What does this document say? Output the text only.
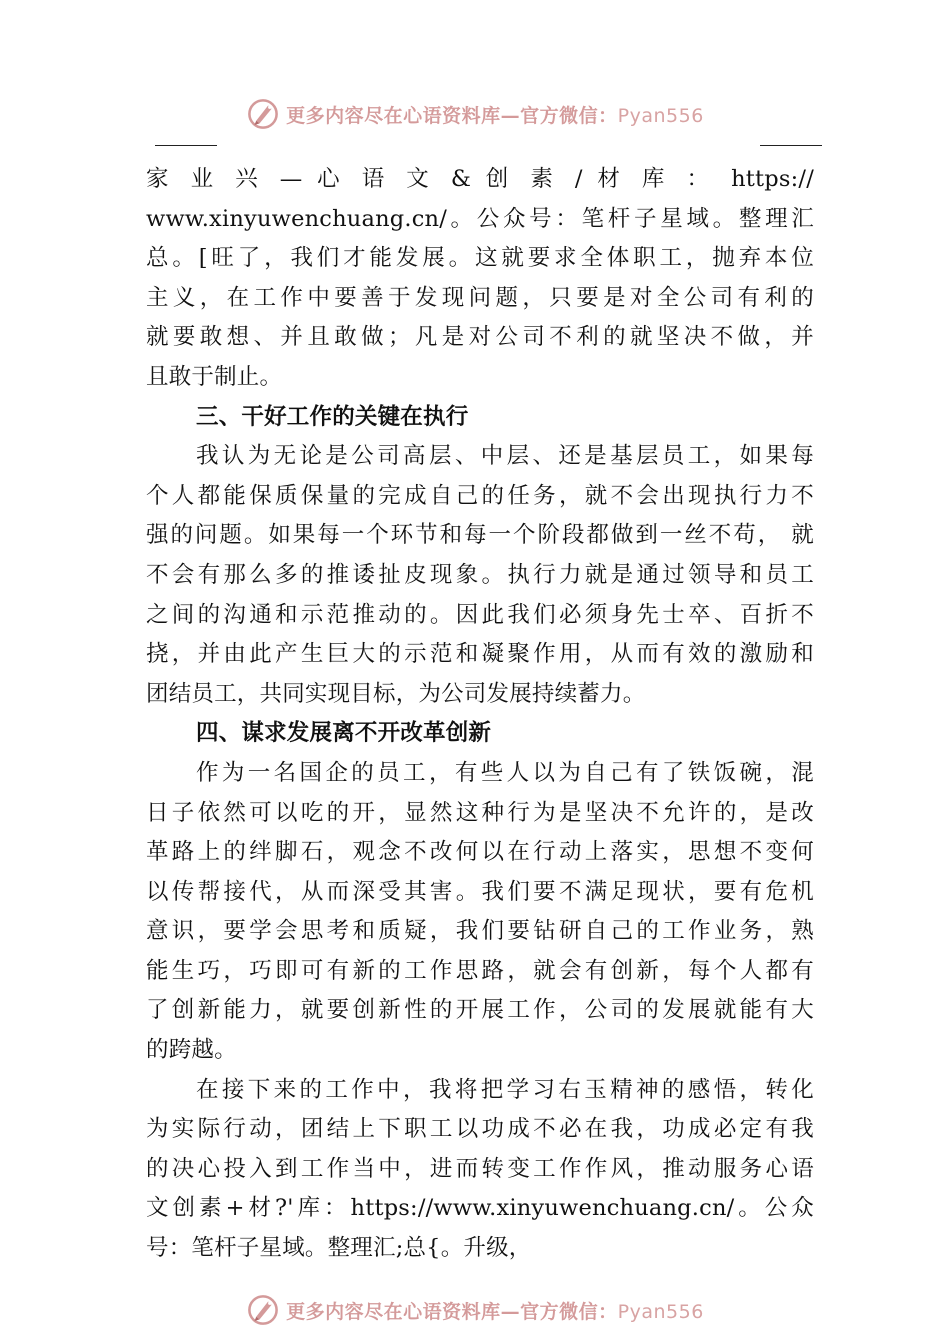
更多内容尽在心语资料库—官方微信：Pyan556
家 业 兴 — 心 语 文 & 创 素 / 材 库 ： https://
www.xinyuwenchuang.cn/。公众号：笔杆子星域。整理汇
总。[旺了，我们才能发展。这就要求全体职工，抛弃本位
主义，在工作中要善于发现问题，只要是对全公司有利的
就要敢想、并且敢做；凡是对公司不利的就坚决不做，并
且敢于制止。
三、干好工作的关键在执行
我认为无论是公司高层、中层、还是基层员工，如果每
个人都能保质保量的完成自己的任务，就不会出现执行力不
强的问题。如果每一个环节和每一个阶段都做到一丝不苟， 就
不会有那么多的推诿扯皮现象。执行力就是通过领导和员工
之间的沟通和示范推动的。因此我们必须身先士卒、百折不
挠，并由此产生巨大的示范和凝聚作用，从而有效的激励和
团结员工，共同实现目标，为公司发展持续蓄力。
四、谋求发展离不开改革创新
作为一名国企的员工，有些人以为自己有了铁饭碗，混
日子依然可以吃的开，显然这种行为是坚决不允许的，是改
革路上的绊脚石，观念不改何以在行动上落实，思想不变何
以传帮接代，从而深受其害。我们要不满足现状，要有危机
意识，要学会思考和质疑，我们要钻研自己的工作业务，熟
能生巧，巧即可有新的工作思路，就会有创新，每个人都有
了创新能力，就要创新性的开展工作，公司的发展就能有大
的跨越。
在接下来的工作中，我将把学习右玉精神的感悟，转化
为实际行动，团结上下职工以功成不必在我，功成必定有我
的决心投入到工作当中，进而转变工作作风，推动服务心语
文创素+材?'库：https://www.xinyuwenchuang.cn/。公众
号：笔杆子星域。整理汇;总{。升级，
更多内容尽在心语资料库—官方微信：Pyan556
